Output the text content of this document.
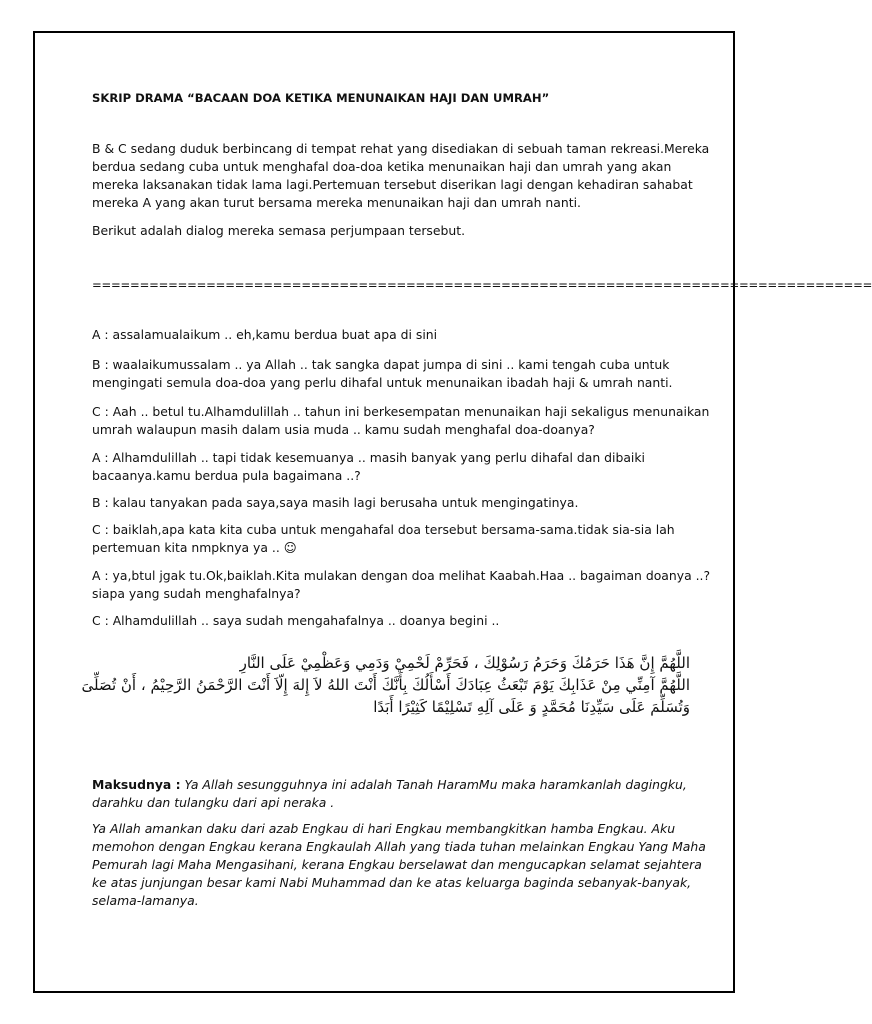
SKRIP DRAMA “BACAAN DOA KETIKA MENUNAIKAN HAJI DAN UMRAH”
B & C sedang duduk berbincang di tempat rehat yang disediakan di sebuah taman rekreasi.Mereka
berdua sedang cuba untuk menghafal doa-doa ketika menunaikan haji dan umrah yang akan
mereka laksanakan tidak lama lagi.Pertemuan tersebut diserikan lagi dengan kehadiran sahabat
mereka A yang akan turut bersama mereka menunaikan haji dan umrah nanti.
Berikut adalah dialog mereka semasa perjumpaan tersebut.
==================================================================================
A : assalamualaikum .. eh,kamu berdua buat apa di sini
B : waalaikumussalam .. ya Allah .. tak sangka dapat jumpa di sini .. kami tengah cuba untuk
mengingati semula doa-doa yang perlu dihafal untuk menunaikan ibadah haji & umrah nanti.
C : Aah .. betul tu.Alhamdulillah .. tahun ini berkesempatan menunaikan haji sekaligus menunaikan
umrah walaupun masih dalam usia muda .. kamu sudah menghafal doa-doanya?
A : Alhamdulillah .. tapi tidak kesemuanya .. masih banyak yang perlu dihafal dan dibaiki
bacaanya.kamu berdua pula bagaimana ..?
B : kalau tanyakan pada saya,saya masih lagi berusaha untuk mengingatinya.
C : baiklah,apa kata kita cuba untuk mengahafal doa tersebut bersama-sama.tidak sia-sia lah
pertemuan kita nmpknya ya .. ☺
A : ya,btul jgak tu.Ok,baiklah.Kita mulakan dengan doa melihat Kaabah.Haa .. bagaiman doanya ..?
siapa yang sudah menghafalnya?
C : Alhamdulillah .. saya sudah mengahafalnya .. doanya begini ..
Maksudnya : Ya Allah sesungguhnya ini adalah Tanah HaramMu maka haramkanlah dagingku,
darahku dan tulangku dari api neraka .
Ya Allah amankan daku dari azab Engkau di hari Engkau membangkitkan hamba Engkau. Aku
memohon dengan Engkau kerana Engkaulah Allah yang tiada tuhan melainkan Engkau Yang Maha
Pemurah lagi Maha Mengasihani, kerana Engkau berselawat dan mengucapkan selamat sejahtera
ke atas junjungan besar kami Nabi Muhammad dan ke atas keluarga baginda sebanyak-banyak,
selama-lamanya.
اللَّهُمَّ إِنَّ هَذَا حَرَمُكَ وَحَرَمُ رَسُوْلِكَ ، فَحَرِّمْ لَحْمِيْ وَدَمِي وَعَظْمِيْ عَلَى النَّارِ
اللَّهُمَّ آمِنِّي مِنْ عَذَابِكَ يَوْمَ تَبْعَثُ عِبَادَكَ أَسْأَلُكَ بِأَنَّكَ أَنْتَ اللهُ لاَ إِلهَ إِلّاَ أَنْتَ الرَّحْمَنُ الرَّحِيْمُ ، أَنْ تُصَلِّىَ
وَتُسَلِّمَ عَلَى سَيِّدِنَا مُحَمَّدٍ وَ عَلَى آلِهِ تَسْلِيْمًا كَثِيْرًا أَبَدًا
